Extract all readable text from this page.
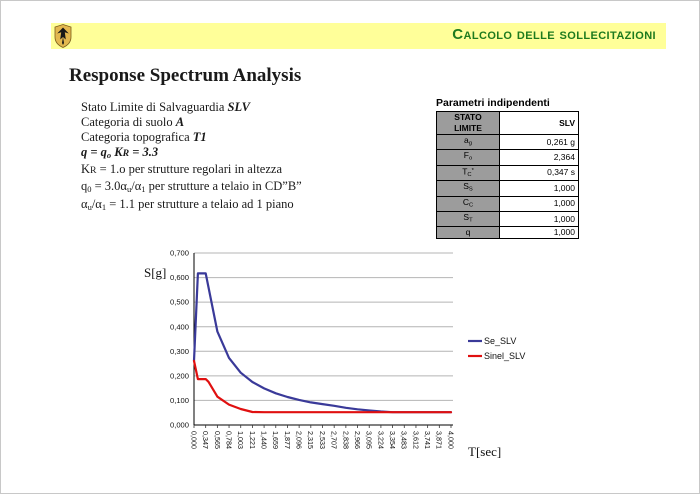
Calcolo delle sollecitazioni
Response Spectrum Analysis
Stato Limite di Salvaguardia SLV
Categoria di suolo A
Categoria topografica T1
$q = q_o$ KR = 3.3
KR = 1.o per strutture regolari in altezza
$q_0 = 3.0\alpha_u/\alpha_1$ per strutture a telaio in CD”B”
$\alpha_u/\alpha_1 = 1.1$ per strutture a telaio ad 1 piano
Parametri indipendenti
STATO LIMITE	SLV
$a_g$	0,261 g
$F_o$	2,364
$T_C^*$	0,347 s
$S_S$	1,000
$C_C$	1,000
$S_T$	1,000
q	1,000
0,000
0,100
0,200
0,300
0,400
0,500
0,600
0,700
0,000 0,347 0,565 0,784 1,003 1,221 1,440 1,659 1,877 2,096 2,315 2,533 2,707 2,838 2,966 3,095 3,224 3,354 3,483 3,612 3,741 3,871 4,000
Se_SLV
Sinel_SLV
S[g]
T[sec]
